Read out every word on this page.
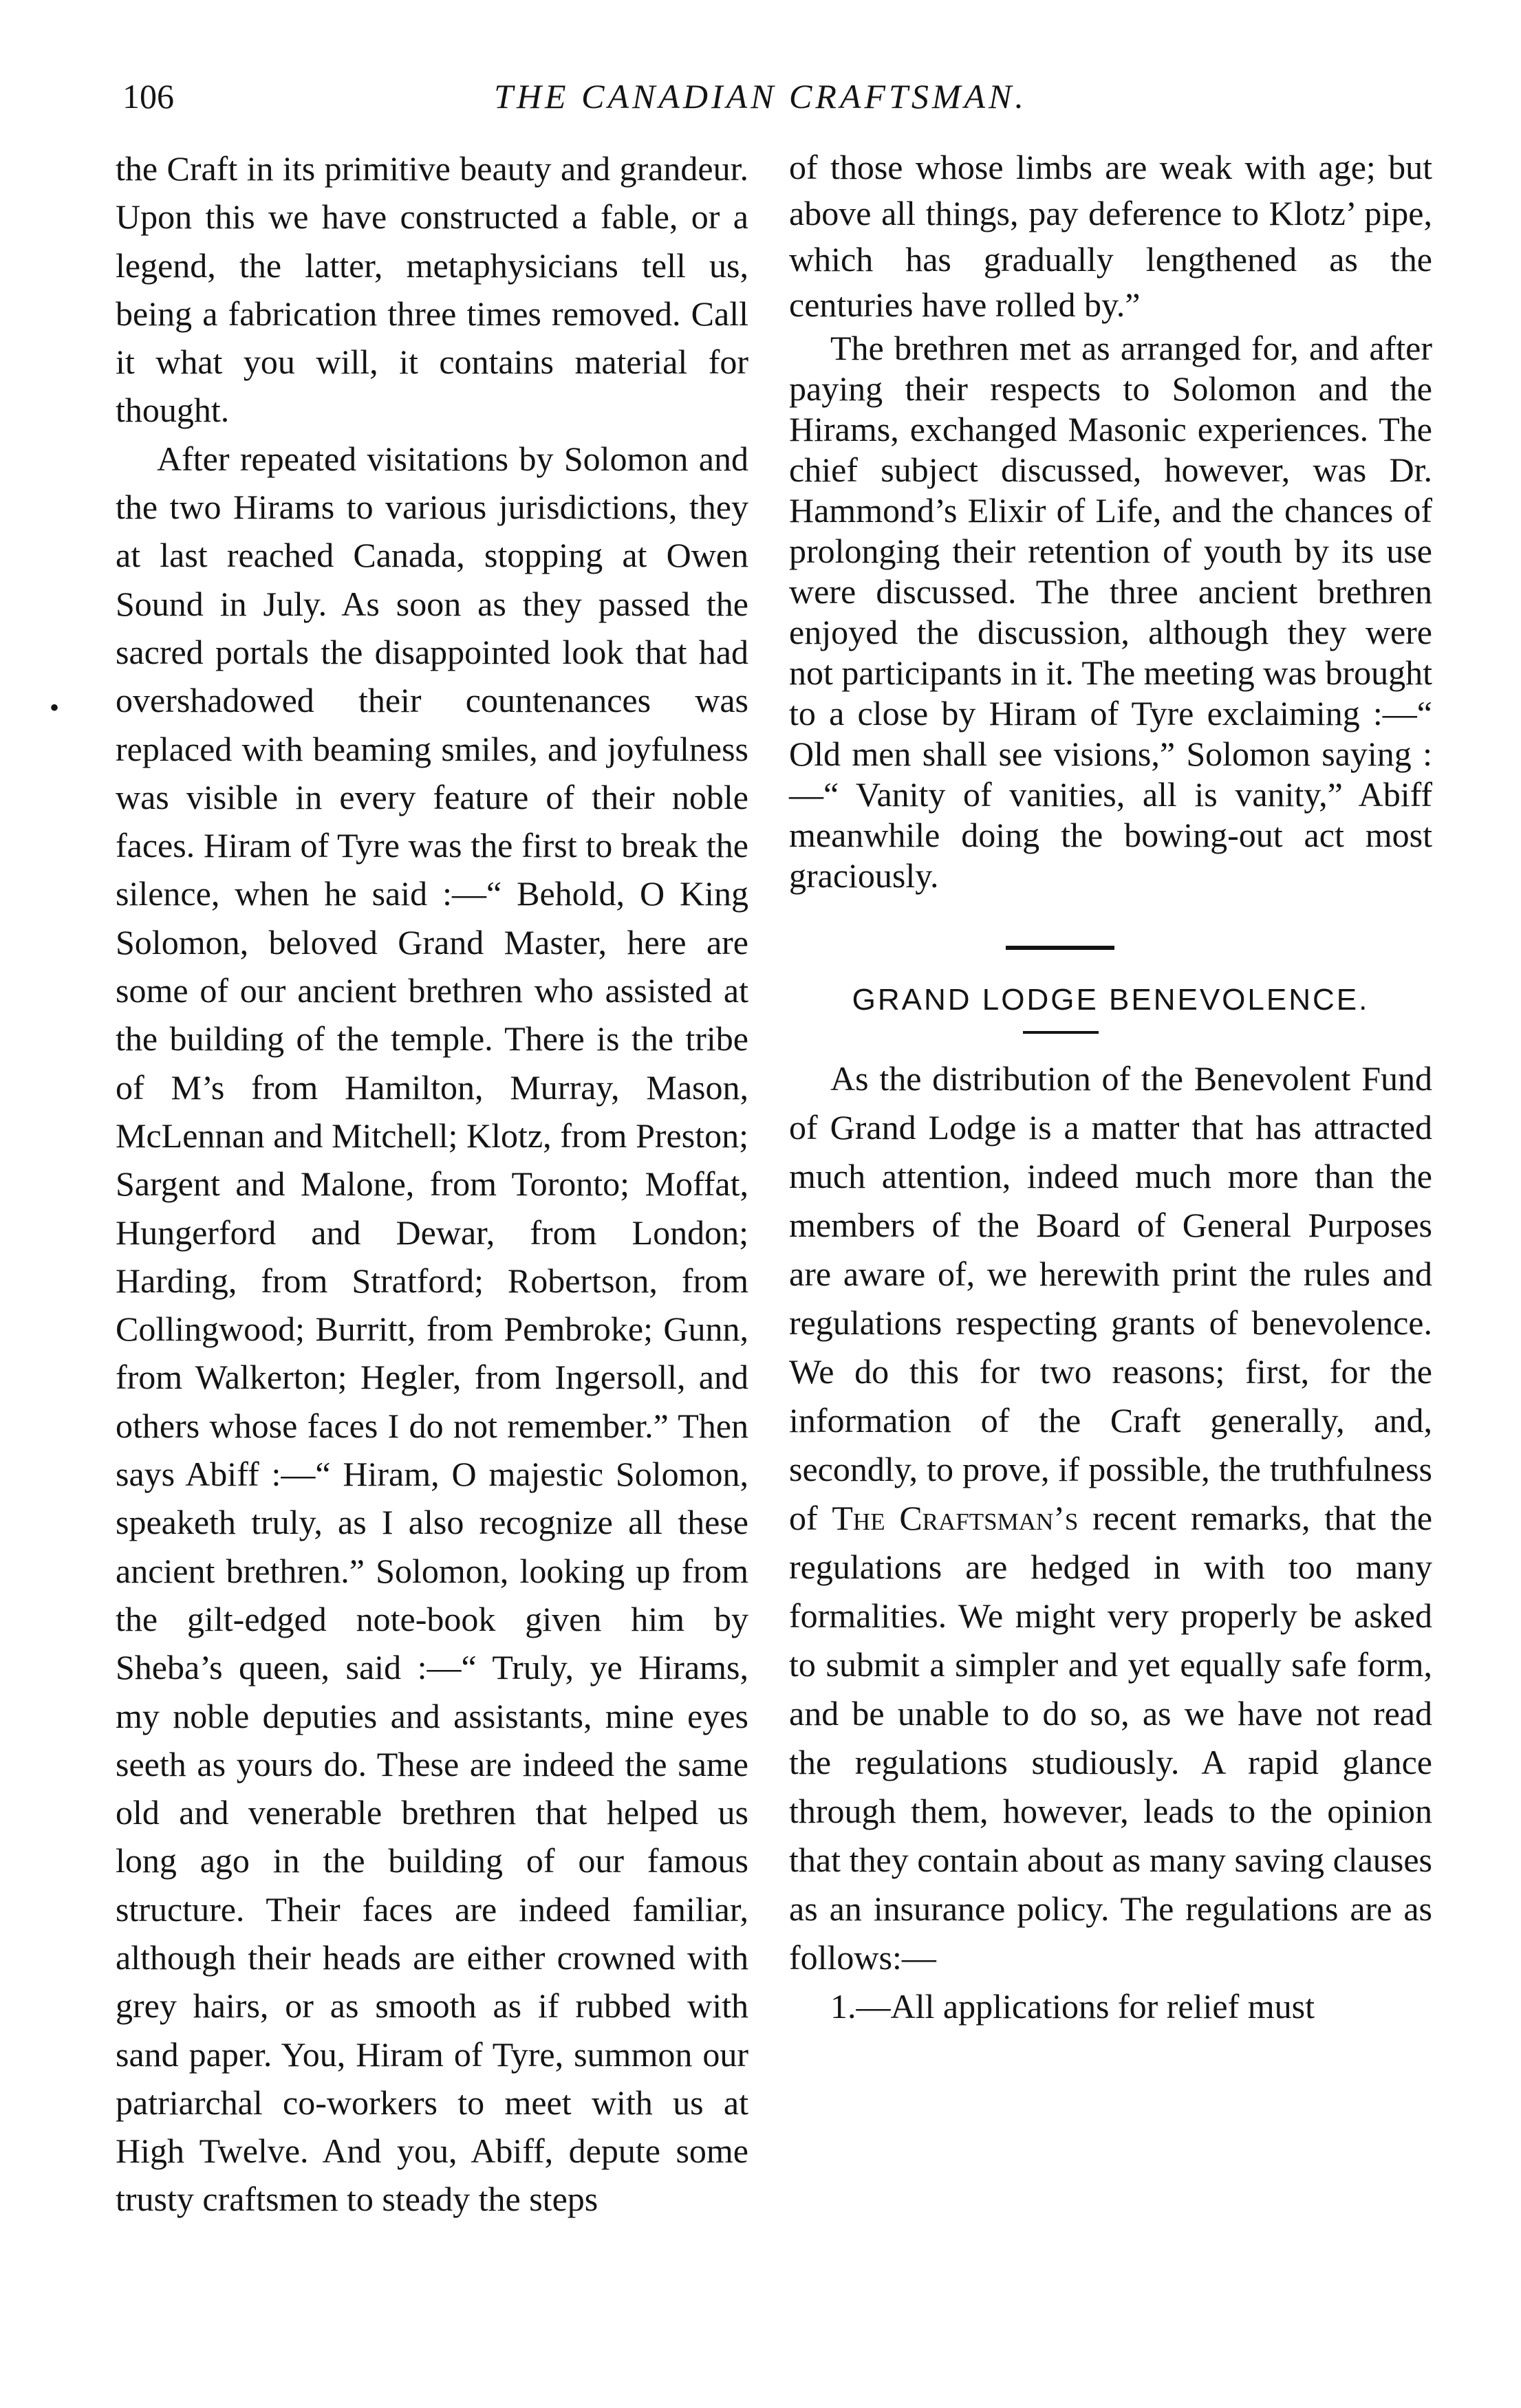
106	THE CANADIAN CRAFTSMAN.
•

the Craft in its primitive beauty and grandeur. Upon this we have constructed a fable, or a legend, the latter, metaphysicians tell us, being a fabrication three times removed. Call it what you will, it contains material for thought.

After repeated visitations by Solomon and the two Hirams to various jurisdictions, they at last reached Canada, stopping at Owen Sound in July. As soon as they passed the sacred portals the disappointed look that had overshadowed their countenances was replaced with beaming smiles, and joyfulness was visible in every feature of their noble faces. Hiram of Tyre was the first to break the silence, when he said :—“ Behold, O King Solomon, beloved Grand Master, here are some of our ancient brethren who assisted at the building of the temple. There is the tribe of M’s from Hamilton, Murray, Mason, McLennan and Mitchell; Klotz, from Preston; Sargent and Malone, from Toronto; Moffat, Hungerford and Dewar, from London; Harding, from Stratford; Robertson, from Collingwood; Burritt, from Pembroke; Gunn, from Walkerton; Hegler, from Ingersoll, and others whose faces I do not remember.” Then says Abiff :—“ Hiram, O majestic Solomon, speaketh truly, as I also recognize all these ancient brethren.” Solomon, looking up from the gilt-edged note-book given him by Sheba’s queen, said :—“ Truly, ye Hirams, my noble deputies and assistants, mine eyes seeth as yours do. These are indeed the same old and venerable brethren that helped us long ago in the building of our famous structure. Their faces are indeed familiar, although their heads are either crowned with grey hairs, or as smooth as if rubbed with sand paper. You, Hiram of Tyre, summon our patriarchal co-workers to meet with us at High Twelve. And you, Abiff, depute some trusty craftsmen to steady the steps

of those whose limbs are weak with age; but above all things, pay deference to Klotz’ pipe, which has gradually lengthened as the centuries have rolled by.”

The brethren met as arranged for, and after paying their respects to Solomon and the Hirams, exchanged Masonic experiences. The chief subject discussed, however, was Dr. Hammond’s Elixir of Life, and the chances of prolonging their retention of youth by its use were discussed. The three ancient brethren enjoyed the discussion, although they were not participants in it. The meeting was brought to a close by Hiram of Tyre exclaiming :—“ Old men shall see visions,” Solomon saying :—“ Vanity of vanities, all is vanity,” Abiff meanwhile doing the bowing-out act most graciously.

GRAND LODGE BENEVOLENCE.

As the distribution of the Benevolent Fund of Grand Lodge is a matter that has attracted much attention, indeed much more than the members of the Board of General Purposes are aware of, we herewith print the rules and regulations respecting grants of benevolence. We do this for two reasons; first, for the information of the Craft generally, and, secondly, to prove, if possible, the truthfulness of The Craftsman’s recent remarks, that the regulations are hedged in with too many formalities. We might very properly be asked to submit a simpler and yet equally safe form, and be unable to do so, as we have not read the regulations studiously. A rapid glance through them, however, leads to the opinion that they contain about as many saving clauses as an insurance policy. The regulations are as follows:—

1.—All applications for relief must
